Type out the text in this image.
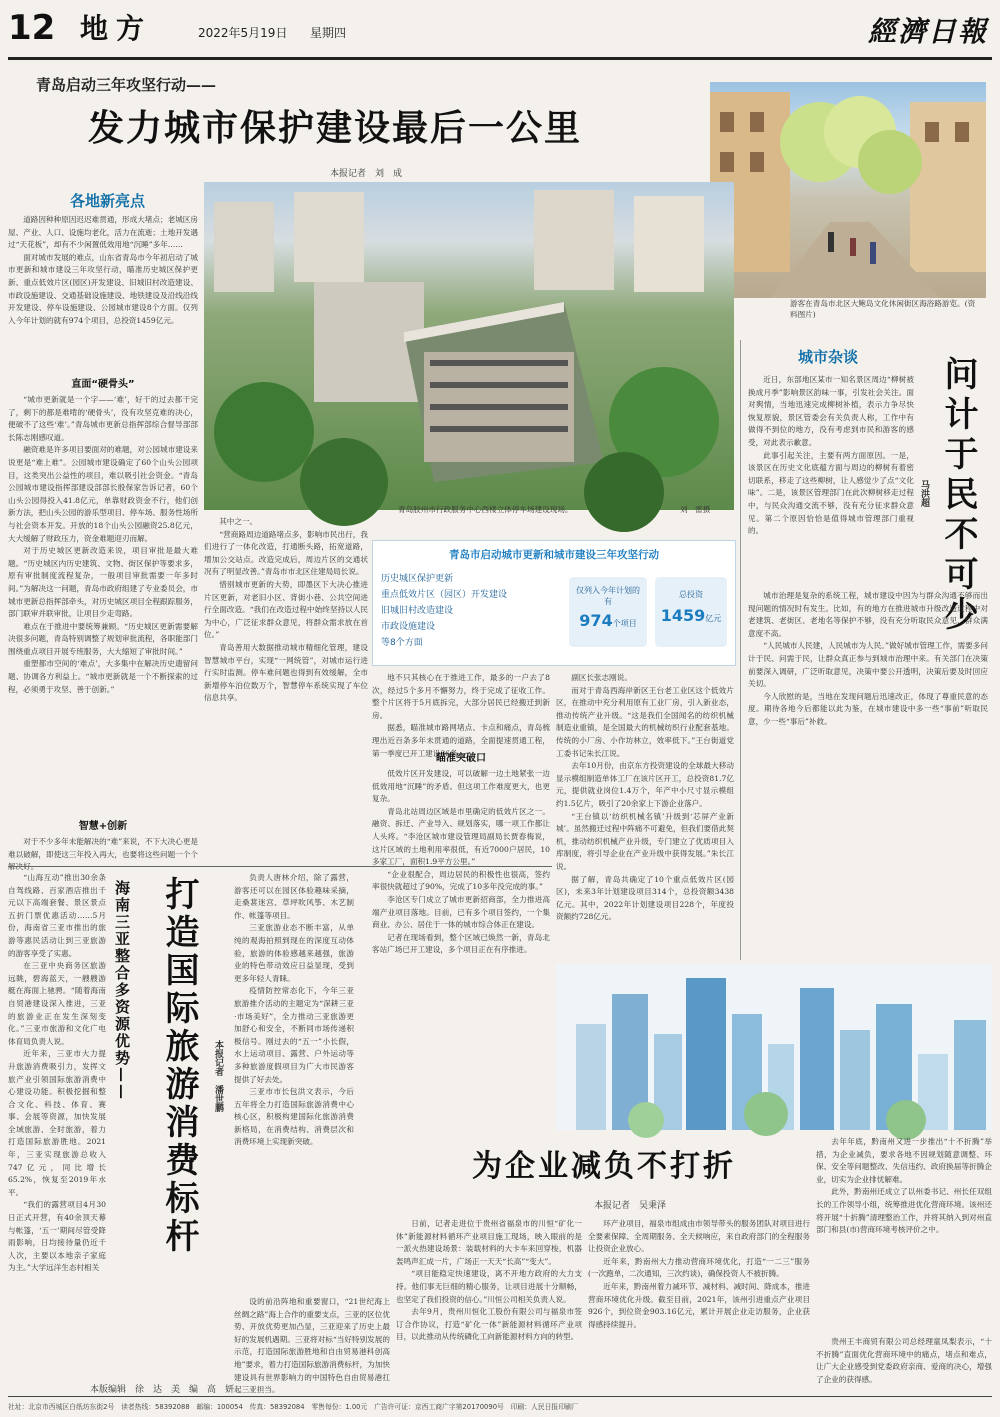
12 地方	2022年5月19日 星期四	經濟日報
青岛启动三年攻坚行动——
发力城市保护建设最后一公里
本报记者　刘　成
游客在青岛市北区大鲍岛文化休闲街区海浴路游览。(资料图片)
青岛胶州市行政服务中心西楼立体停车场建设现场。	刘　雷摄
各地新亮点

道路因种种原因迟迟难贯通，形成大堵点；老城区房屋、产业、人口、设施均老化，活力在流逝；土地开发遇过“天花板”，却有不少闲置低效用地“沉睡”多年……

面对城市发展的难点，山东省青岛市今年初启动了城市更新和城市建设三年攻坚行动，瞄准历史城区保护更新、重点低效片区(园区)开发建设、旧城旧村改造建设、市政设施建设、交通基础设施建设、地铁建设及沿线沿线开发建设、停车设施建设、公园城市建设8个方面。仅列入今年计划的就有974个项目，总投资1459亿元。

直面“硬骨头”

“城市更新就是一个字——‘难’，好干的过去都干完了，剩下的都是难啃的‘硬骨头’，没有攻坚克难的决心，便破不了这些‘难’。”青岛城市更新总指挥部综合督导部部长陈志刚感叹道。

融资难是许多项目要面对的难题，对公园城市建设来说更是“难上难”。公园城市建设确定了60个山头公园项目，这类突出公益性的项目，难以吸引社会资金。“青岛公园城市建设指挥部建设部部长殷保家告诉记者，60个山头公园得投入41.8亿元，单靠财政资金不行，他们创新方法，把山头公园的游乐型项目、停车场、服务性场所与社会资本开发。开放的18个山头公园融资25.8亿元，大大缓解了财政压力，资金难题迎刃而解。

对于历史城区更新改造来说，项目审批是最大难题。“历史城区内历史建筑、文物、街区保护等要求多，原有审批制度流程复杂，一般项目审批需要一年多时间。”为解决这一问题，青岛市政府组建了专业委员会，市城市更新总指挥部牵头，对历史城区项目全程跟踪服务，部门联审并联审批，让项目少走弯路。

难点在于推进中要统筹兼顾。“历史城区更新需要解决很多问题，青岛特别调整了规划审批流程，各职能部门围绕重点项目开展专班服务，大大缩短了审批时间。”

重塑都市空间的‘难点’，大多集中在解决历史遗留问题、协调各方利益上。“城市更新就是一个不断探索的过程，必须勇于攻坚、善于创新。”

智慧+创新

对于不少多年未能解决的“难”来说，不下大决心更是难以破解，即使这三年投入再大，也要将这些问题一个个

其中之一。

“营商路周边道路堵点多，影响市民出行，我们进行了一体化改造，打通断头路，拓宽道路，增加公交站点。改造完成后，周边片区的交通状况有了明显改善。”青岛市市北区住建局局长说。

惜别城市更新的大势，即墨区下大决心推进片区更新，对老旧小区、背街小巷、公共空间进行全面改造。“我们在改造过程中始终坚持以人民为中心，广泛征求群众意见，将群众需求放在首位。”

青岛善用大数据推动城市精细化管理，建设智慧城市平台，实现“一网统管”，对城市运行进行实时监测。停车难问题也得到有效缓解，全市新增停车泊位数万个，智慧停车系统实现了车位信息共享。

青岛市启动城市更新和城市建设三年攻坚行动
历史城区保护更新
重点低效片区（园区）开发建设
旧城旧村改造建设
市政设施建设
等8个方面
仅列入今年计划的有
974个项目
总投资
1459亿元

地不只其核心在于推进工作，最多的一户去了8次，经过5个多月不懈努力，终于完成了征收工作。整个片区将于5月底拆完，大部分居民已经搬迁到新房。

据悉，瞄准城市路网堵点、卡点和痛点，青岛梳理出近百条多年未贯通的道路，全面提速贯通工程，第一季度已开工建设36条。

瞄准突破口

低效片区开发建设，可以破解一边土地紧张一边低效用地“沉睡”的矛盾。但这项工作难度更大，也更复杂。

青岛北站周边区域是市里确定的低效片区之一。融资、拆迁、产业导入、规划落实，哪一项工作都让人头疼。“李沧区城市建设管理局副局长贾春梅说，这片区域的土地利用率很低，有近7000户居民，10多家工厂，面积1.9平方公里。”

“企业很配合，周边居民的积极性也很高，签约率很快就超过了90%，完成了10多年没完成的事。”

李沧区专门成立了城市更新招商部，全力推进高端产业项目落地。目前，已有多个项目签约，一个集商业、办公、居住于一体的城市综合体正在建设。

记者在现场看到，整个区域已焕然一新，青岛北客站广场已开工建设，多个项目正在有序推进。

副区长张志刚说。

而对于青岛西海岸新区王台老工业区这个低效片区，在推动中充分利用原有工业厂房，引入新业态，推动传统产业升级。“这是我们全国闻名的纺织机械制造业重镇，是全国最大的机械纺织行业配套基地。传统的小厂房、小作坊林立，效率低下。”王台街道党工委书记朱长江说。

去年10月份，由京东方投资建设的全球最大移动显示模组制造单体工厂在该片区开工，总投资81.7亿元，提供就业岗位1.4万个，年产中小尺寸显示模组约1.5亿片，吸引了20余家上下游企业落户。

“王台镇以‘纺织机械名镇’升级到‘芯屏产业新城’。虽然搬迁过程中阵痛不可避免，但我们要借此契机，推动纺织机械产业升级，专门建立了优质项目入库制度，将引导企业在产业升级中获得发展。”朱长江说。

据了解，青岛共确定了10个重点低效片区(园区)，未来3年计划建设项目314个，总投资额3438亿元。其中，2022年计划建设项目228个，年度投资额约728亿元。

城市杂谈 问计于民不可少
马洪超

近日，东部地区某市一知名景区周边“柳树被换成月季”影响景区韵味一事，引发社会关注。面对舆情，当地迅速完成柳树补植，表示力争尽快恢复原貌，景区管委会有关负责人称，工作中有做得不到位的地方，没有考虑到市民和游客的感受，对此表示歉意。

此事引起关注，主要有两方面原因。一是，该景区在历史文化底蕴方面与周边的柳树有着密切联系，移走了这些柳树，让人感觉少了点“文化味”。二是，该景区管理部门在此次柳树移走过程中，与民众沟通交流不够，没有充分征求群众意见。第二个原因恰恰是值得城市管理部门重视的。

城市治理是复杂的系统工程，城市建设中因为与群众沟通不够而出现问题的情况时有发生。比如，有的地方在推进城市升级改造过程中对老建筑、老街区、老地名等保护不够，没有充分听取民众意见，群众满意度不高。

“人民城市人民建，人民城市为人民。”做好城市管理工作，需要多问计于民、问需于民，让群众真正参与到城市治理中来。有关部门在决策前要深入调研，广泛听取意见，决策中要公开透明，决策后要及时回应关切。

今人欣慰的是，当地在发现问题后迅速改正，体现了尊重民意的态度。期待各地今后都能以此为鉴，在城市建设中多一些“事前”听取民意，少一些“事后”补救。

“山海互动”推出30余条自驾线路、百家酒店推出千元以下高端套餐、景区景点五折门票优惠活动……5月份，海南省三亚市推出的旅游等惠民活动让到三亚旅游的游客享受了实惠。

在三亚中央商务区旅游远眺，碧海蓝天，一艘艘游艇在海面上驰骋。“随着海南自贸港建设深入推进，三亚的旅游业正在发生深刻变化。”三亚市旅游和文化广电体育局负责人说。

近年来，三亚市大力提升旅游消费吸引力，发挥文旅产业引领国际旅游消费中心建设功能。积极挖掘和整合文化、科技、体育、赛事、会展等资源，加快发展全域旅游、全时旅游，着力打造国际旅游胜地。2021年，三亚实现旅游总收入747亿元，同比增长65.2%，恢复至2019年水平。

“我们的露营项目4月30日正式开营，有40余顶天幕与帐篷，‘五一’期间尽管受降雨影响，日均接待量仍近千人次，主要以本地亲子家庭为主。”大学远洋生态村相关

海南三亚整合多资源优势—— 打造国际旅游消费标杆	本报记者　潘世鹏

负责人唐林介绍，除了露营，游客还可以在园区体验趣味采摘，走桑葚迷宫、草坪吹风筝、木艺制作、帐篷等项目。

三亚旅游业态不断丰富，从单纯的观海拍照到现在的深度互动体验，旅游的体验感越来越强，旅游业的特色带动效应日益显现，受到更多年轻人青睐。

疫情防控常态化下，今年三亚旅游推介活动的主题定为“深耕三亚·市场美好”，全力推动三亚旅游更加舒心和安全，不断同市场传递积极信号。刚过去的“五一”小长假，水上运动项目、露营、户外运动等多种旅游度假项目为广大市民游客提供了好去处。

三亚市市长包洪文表示，今后五年将全力打造国际旅游消费中心核心区，积极构建国际化旅游消费新格局，在消费结构、消费层次和消费环境上实现新突破。

设的前沿阵地和重要窗口，“21世纪海上丝绸之路”海上合作的重要支点，三亚的区位优势、开放优势更加凸显，三亚迎来了历史上最好的发展机遇期。三亚将对标“当好特别发展的示范，打造国际旅游胜地和自由贸易港科创高地”要求，着力打造国际旅游消费标杆，为加快建设具有世界影响力的中国特色自由贸易港扛起三亚担当。

去年年底，黔南州又进一步推出“十不折腾”举措，为企业减负，要求各地不因规划随意调整、环保、安全等问题整改、失信违约、政府换届等折腾企业，切实为企业排忧解难。

此外，黔南州还成立了以州委书记、州长任双组长的工作领导小组，统筹推进优化营商环境。该州还将开展“十折腾”清理整治工作，并将其纳入到对州直部门和县(市)营商环境考核评价之中。

为企业减负不打折
本报记者　吴秉泽

日前，记者走进位于贵州省福泉市的川恒“矿化一体”新能源材料循环产业项目施工现场，映入眼前的是一派火热建设场景：装载材料的大卡车来回穿梭，机器轰鸣声汇成一片，广场正一天天“长高”“变大”。

“项目能稳定快速建设，离不开地方政府的大力支持。他们事无巨细的精心服务，让项目进展十分顺畅，也坚定了我们投资的信心。”川恒公司相关负责人说。

去年9月，贵州川恒化工股份有限公司与福泉市签订合作协议，打造“矿化一体”新能源材料循环产业项目，以此推动从传统磷化工向新能源材料方向的转型。

环产业项目，福泉市组成由市领导带头的服务团队对项目进行全要素保障、全周期服务、全天候响应，来自政府部门的全程服务让投资企业放心。

近年来，黔南州大力推动营商环境优化，打造“一二三”服务(一次跑单，二次通知，三次约谈)，确保投资人不被折腾。

近年来，黔南州着力减环节、减材料、减时间、降成本，推进营商环境优化升级。截至目前，2021年，该州引进重点产业项目926个，到位资金903.16亿元，累计开展企业走访服务，企业获得感持续提升。

贵州王丰商贸有限公司总经理童凤梨表示，“十不折腾”直面优化营商环境中的痛点，堵点和难点，让广大企业感受到党委政府亲商、爱商的决心，增强了企业的获得感。

本版编辑　徐　达　美　编　高　妍
社址：北京市西城区白纸坊东街2号　读者热线：58392088　邮编：100054　传真：58392084　零售每份：1.00元　广告许可证：京西工商广字第20170090号　印刷：人民日报印刷厂
